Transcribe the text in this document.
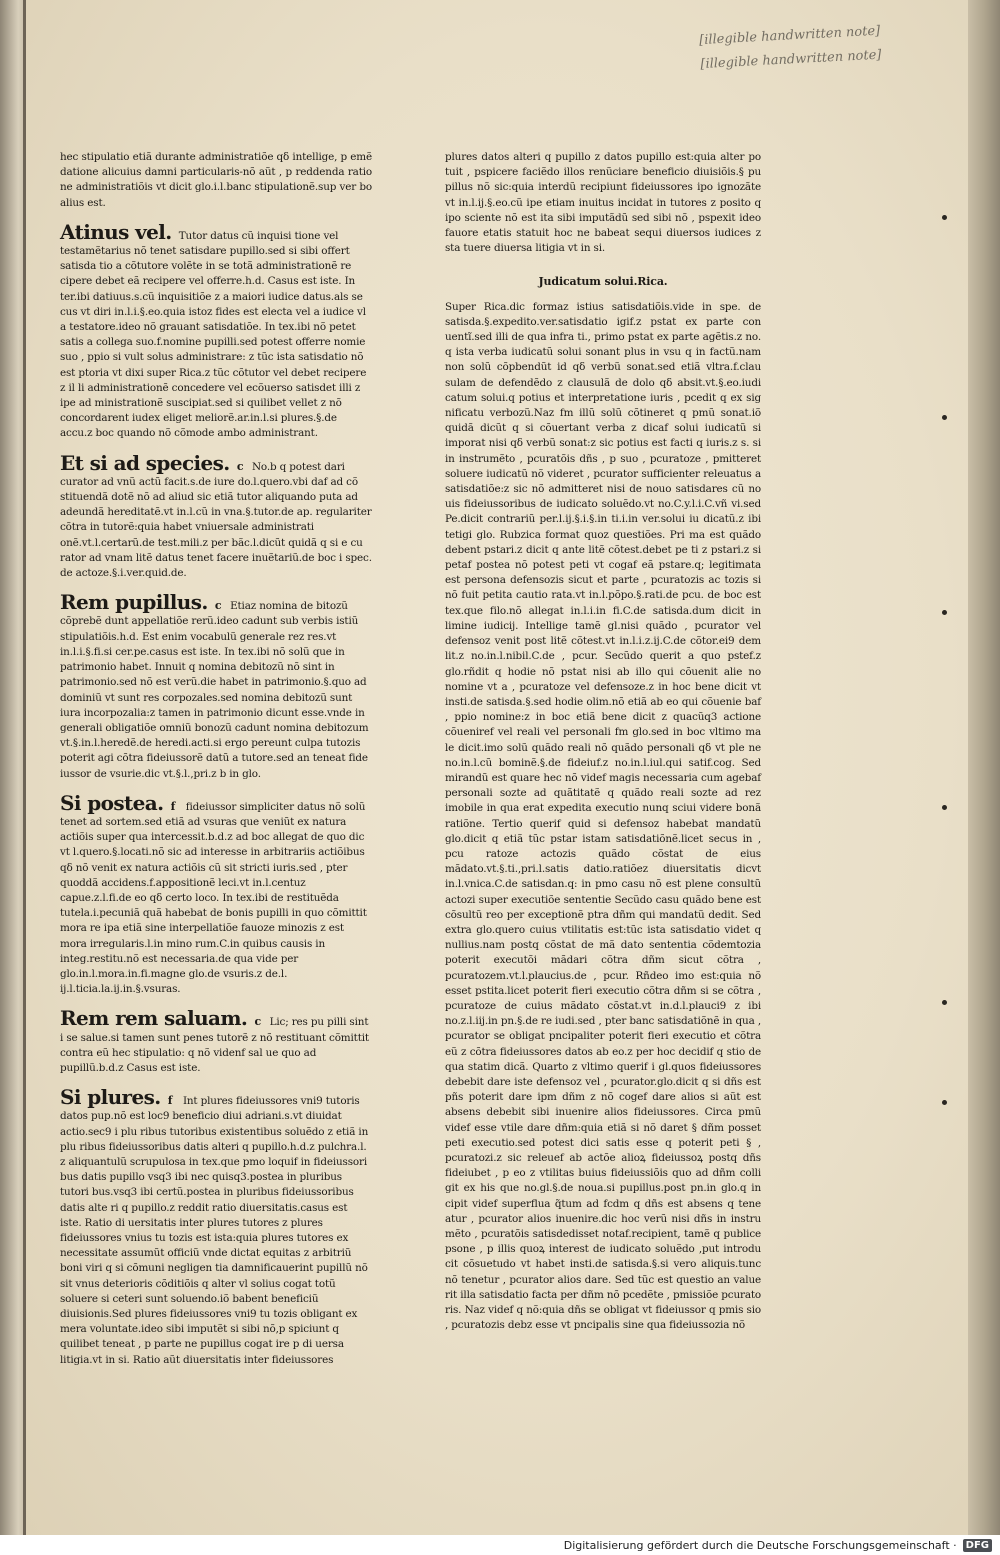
[illegible handwritten note]
[illegible handwritten note]

hec stipulatio etiã durante administratiõe qδ intellige, p emẽ datione alicuius damni particularis-nõ aũt , p reddenda ratio ne administratiõis vt dicit glo.i.l.banc stipulationẽ.sup ver bo alius est.

Atinus vel. Tutor datus cũ inquisi tione vel testamẽtarius nõ tenet satisdare pupillo.sed si sibi offert satisda tio a cõtutore volẽte in se totã administrationẽ re cipere debet eã recipere vel offerre.h.d. Casus est iste. In ter.ibi datiuus.s.cũ inquisitiõe z a maiori iudice datus.als se cus vt diri in.l.i.§.eo.quia istoz fides est electa vel a iudice vl a testatore.ideo nõ grauant satisdatiõe. In tex.ibi nõ petet satis a collega suo.f.nomine pupilli.sed potest offerre nomie suo , ppio si vult solus administrare: z tũc ista satisdatio nõ est ptoria vt dixi super Rica.z tũc cõtutor vel debet recipere z il li administrationẽ concedere vel ecõuerso satisdet illi z ipe ad ministrationẽ suscipiat.sed si quilibet vellet z nõ concordarent iudex eliget meliorẽ.ar.in.l.si plures.§.de accu.z boc quando nõ cõmode ambo administrant.
Et si ad species. c No.b q potest dari curator ad vnũ actũ facit.s.de iure do.l.quero.vbi daf ad cõ stituendã dotẽ nõ ad aliud sic etiã tutor aliquando puta ad adeundã hereditatẽ.vt in.l.cũ in vna.§.tutor.de ap. regulariter cõtra in tutorẽ:quia habet vniuersale administrati onẽ.vt.l.certarũ.de test.mili.z per bãc.l.dicũt quidã q si e cu rator ad vnam litẽ datus tenet facere inuẽtariũ.de boc i spec. de actoze.§.i.ver.quid.de.
Rem pupillus. c Etiaz nomina de bitozũ cõprebẽ dunt appellatiõe rerũ.ideo cadunt sub verbis istiũ stipulatiõis.h.d. Est enim vocabulũ generale rez res.vt in.l.i.§.fi.si cer.pe.casus est iste. In tex.ibi nõ solũ que in patrimonio habet. Innuit q nomina debitozũ nõ sint in patrimonio.sed nõ est verũ.die habet in patrimonio.§.quo ad dominiũ vt sunt res corpozales.sed nomina debitozũ sunt iura incorpozalia:z tamen in patrimonio dicunt esse.vnde in generali obligatiõe omniũ bonozũ cadunt nomina debitozum vt.§.in.l.heredẽ.de heredi.acti.si ergo pereunt culpa tutozis poterit agi cõtra fideiussorẽ datũ a tutore.sed an teneat fide iussor de vsurie.dic vt.§.l.,pri.z b in glo.
Si postea. f fideiussor simpliciter datus nõ solũ tenet ad sortem.sed etiã ad vsuras que veniũt ex natura actiõis super qua intercessit.b.d.z ad boc allegat de quo dic vt l.quero.§.locati.nõ sic ad interesse in arbitrariis actiõibus qδ nõ venit ex natura actiõis cũ sit stricti iuris.sed , pter quoddã accidens.f.appositionẽ leci.vt in.l.centuz capue.z.l.fi.de eo qδ certo loco. In tex.ibi de restituẽda tutela.i.pecuniã quã habebat de bonis pupilli in quo cõmittit mora re ipa etiã sine interpellatiõe fauoze minozis z est mora irregularis.l.in mino rum.C.in quibus causis in integ.restitu.nõ est necessaria.de qua vide per glo.in.l.mora.in.fi.magne glo.de vsuris.z de.l. ij.l.ticia.la.ij.in.§.vsuras.
Rem rem saluam. c Lic; res pu pilli sint i se salue.si tamen sunt penes tutorẽ z nõ restituant cõmittit contra eũ hec stipulatio: q nõ videnf sal ue quo ad pupillũ.b.d.z Casus est iste.
Si plures. f Int plures fideiussores vni9 tutoris datos pup.nõ est loc9 beneficio diui adriani.s.vt diuidat actio.sec9 i plu ribus tutoribus existentibus soluẽdo z etiã in plu ribus fideiussoribus datis alteri q pupillo.h.d.z pulchra.l. z aliquantulũ scrupulosa in tex.que pmo loquif in fideiussori bus datis pupillo vsq3 ibi nec quisq3.postea in pluribus tutori bus.vsq3 ibi certũ.postea in pluribus fideiussoribus datis alte ri q pupillo.z reddit ratio diuersitatis.casus est iste. Ratio di uersitatis inter plures tutores z plures fideiussores vnius tu tozis est ista:quia plures tutores ex necessitate assumũt officiũ vnde dictat equitas z arbitriũ boni viri q si cõmuni negligen tia damnificauerint pupillũ nõ sit vnus deterioris cõditiõis q alter vl solius cogat totũ soluere si ceteri sunt soluendo.iõ babent beneficiũ diuisionis.Sed plures fideiussores vni9 tu tozis obligant ex mera voluntate.ideo sibi imputẽt si sibi nõ,p spiciunt q quilibet teneat , p parte ne pupillus cogat ire p di uersa litigia.vt in si. Ratio aũt diuersitatis inter fideiussores

plures datos alteri q pupillo z datos pupillo est:quia alter po tuit , pspicere faciẽdo illos renũciare beneficio diuisiõis.§ pu pillus nõ sic:quia interdũ recipiunt fideiussores ipo ignozãte vt in.l.ij.§.eo.cũ ipe etiam inuitus incidat in tutores z posito q ipo sciente nõ est ita sibi imputãdũ sed sibi nõ , pspexit ideo fauore etatis statuit hoc ne babeat sequi diuersos iudices z sta tuere diuersa litigia vt in si.

Judicatum solui.Rica.

Super Rica.dic formaz istius satisdatiõis.vide in spe. de satisda.§.expedito.ver.satisdatio igif.z pstat ex parte con uentĩ.sed illi de qua infra ti., primo pstat ex parte agẽtis.z no. q ista verba iudicatũ solui sonant plus in vsu q in factũ.nam non solũ cõpbendũt id qδ verbũ sonat.sed etiã vltra.f.clau sulam de defendẽdo z clausulã de dolo qδ absit.vt.§.eo.iudi catum solui.q potius et interpretatione iuris , pcedit q ex sig nificatu verbozũ.Naz fm illũ solũ cõtineret q pmũ sonat.iõ quidã dicũt q si cõuertant verba z dicaf solui iudicatũ si imporat nisi qδ verbũ sonat:z sic potius est facti q iuris.z s. si in instrumẽto , pcuratõis dñs , p suo , pcuratoze , pmitteret soluere iudicatũ nõ videret , pcurator sufficienter releuatus a satisdatiõe:z sic nõ admitteret nisi de nouo satisdares cũ no uis fideiussoribus de iudicato soluẽdo.vt no.C.y.l.i.C.vñ vi.sed Pe.dicit contrariũ per.l.ij.§.i.§.in ti.i.in ver.solui iu dicatũ.z ibi tetigi glo. Rubzica format quoz questiões. Pri ma est quãdo debent pstari.z dicit q ante litẽ cõtest.debet pe ti z pstari.z si petaf postea nõ potest peti vt cogaf eã pstare.q; legitimata est persona defensozis sicut et parte , pcuratozis ac tozis si nõ fuit petita cautio rata.vt in.l.põpo.§.rati.de pcu. de boc est tex.que filo.nõ allegat in.l.i.in fi.C.de satisda.dum dicit in limine iudicij. Intellige tamẽ gl.nisi quãdo , pcurator vel defensoz venit post litẽ cõtest.vt in.l.i.z.ij.C.de cõtor.ei9 dem lit.z no.in.l.nibil.C.de , pcur. Secũdo querit a quo pstef.z glo.rñdit q hodie nõ pstat nisi ab illo qui cõuenit alie no nomine vt a , pcuratoze vel defensoze.z in hoc bene dicit vt insti.de satisda.§.sed hodie olim.nõ etiã ab eo qui cõuenie baf , ppio nomine:z in boc etiã bene dicit z quacũq3 actione cõueniref vel reali vel personali fm glo.sed in boc vltimo ma le dicit.imo solũ quãdo reali nõ quãdo personali qδ vt ple ne no.in.l.cũ bominẽ.§.de fideiuf.z no.in.l.iul.qui satif.cog. Sed mirandũ est quare hec nõ videf magis necessaria cum agebaf personali sozte ad quãtitatẽ q quãdo reali sozte ad rez imobile in qua erat expedita executio nunq sciui videre bonã ratiõne. Tertio querif quid si defensoz habebat mandatũ glo.dicit q etiã tũc pstar istam satisdatiõnẽ.licet secus in , pcu ratoze actozis quãdo cõstat de eius mãdato.vt.§.ti.,pri.l.satis datio.ratiõez diuersitatis dicvt in.l.vnica.C.de satisdan.q: in pmo casu nõ est plene consultũ actozi super executiõe sententie Secũdo casu quãdo bene est cõsultũ reo per exceptionẽ ptra dñm qui mandatũ dedit. Sed extra glo.quero cuius vtilitatis est:tũc ista satisdatio videt q nullius.nam postq cõstat de mã dato sententia cõdemtozia poterit executõi mãdari cõtra dñm sicut cõtra , pcuratozem.vt.l.plaucius.de , pcur. Rñdeo imo est:quia nõ esset pstita.licet poterit fieri executio cõtra dñm si se cõtra , pcuratoze de cuius mãdato cõstat.vt in.d.l.plauci9 z ibi no.z.l.iij.in pn.§.de re iudi.sed , pter banc satisdatiõnẽ in qua , pcurator se obligat pncipaliter poterit fieri executio et cõtra eũ z cõtra fideiussores datos ab eo.z per hoc decidif q stio de qua statim dicã. Quarto z vltimo querif i gl.quos fideiussores debebit dare iste defensoz vel , pcurator.glo.dicit q si dñs est pñs poterit dare ipm dñm z nõ cogef dare alios si aũt est absens debebit sibi inuenire alios fideiussores. Circa pmũ videf esse vtile dare dñm:quia etiã si nõ daret § dñm posset peti executio.sed potest dici satis esse q poterit peti § , pcuratozi.z sic releuef ab actõe alioꝝ fideiussoꝝ postq dñs fideiubet , p eo z vtilitas buius fideiussiõis quo ad dñm colli git ex his que no.gl.§.de noua.si pupillus.post pn.in glo.q in cipit videf superflua q̃tum ad fcdm q dñs est absens q tene atur , pcurator alios inuenire.dic hoc verũ nisi dñs in instru mẽto , pcuratõis satisdedisset notaf.recipient, tamẽ q publice psone , p illis quoꝝ interest de iudicato soluẽdo ,put introdu cit cõsuetudo vt habet insti.de satisda.§.si vero aliquis.tunc nõ tenetur , pcurator alios dare. Sed tũc est questio an value rit illa satisdatio facta per dñm nõ pcedẽte , pmissiõe pcurato ris. Naz videf q nõ:quia dñs se obligat vt fideiussor q pmis sio , pcuratozis debz esse vt pncipalis sine qua fideiussozia nõ

Digitalisierung gefördert durch die Deutsche Forschungsgemeinschaft · DFG
